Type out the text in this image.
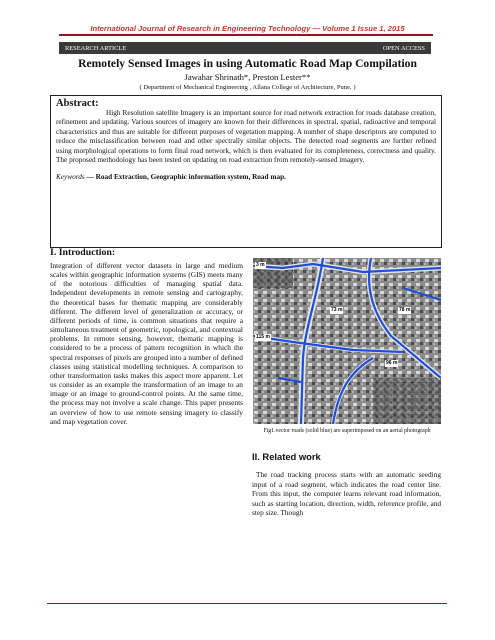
International Journal of Research in Engineering Technology — Volume 1 Issue 1, 2015
RESEARCH ARTICLE	OPEN ACCESS
Remotely Sensed Images in using Automatic Road Map Compilation
Jawahar Shrinath*, Preston Lester**
( Department of Mechanical Engineering , Allana College of Architecture, Pune. )
Abstract:

High Resolution satellite Imagery is an important source for road network extraction for roads database creation, refinement and updating. Various sources of imagery are known for their differences in spectral, spatial, radioactive and temporal characteristics and thus are suitable for different purposes of vegetation mapping. A number of shape descriptors are computed to reduce the misclassification between road and other spectrally similar objects. The detected road segments are further refined using morphological operations to form final road network, which is then evaluated for its completeness, correctness and quality. The proposed methodology has been tested on updating on road extraction from remotely-sensed imagery.

Keywords — Road Extraction, Geographic information system, Road map.
I. Introduction:
Integration of different vector datasets in large and medium scales within geographic information systems (GIS) meets many of the notorious difficulties of managing spatial data. Independent developments in remote sensing and cartography, the theoretical bases for thematic mapping are considerably different. The different level of generalization or accuracy, or different periods of time, is common situations that require a simultaneous treatment of geometric, topological, and contextual problems. In remote sensing, however, thematic mapping is considered to be a process of pattern recognition in which the spectral responses of pixels are grouped into a number of defined classes using statistical modelling techniques. A comparison to other transformation tasks makes this aspect more apparent. Let us consider as an example the transformation of an image to an image or an image to ground-control points. At the same time, the process may not involve a scale change. This paper presents an overview of how to use remote sensing imagery to classify and map vegetation cover.
3 m
73 m	78 m
115 m
96 m
Fig1.vector roads (solid blue) are superimposed on an aerial photograph
II. Related work
The road tracking process starts with an automatic seeding input of a road segment, which indicates the road center line. From this input, the computer learns relevant road information, such as starting location, direction, width, reference profile, and step size. Though
